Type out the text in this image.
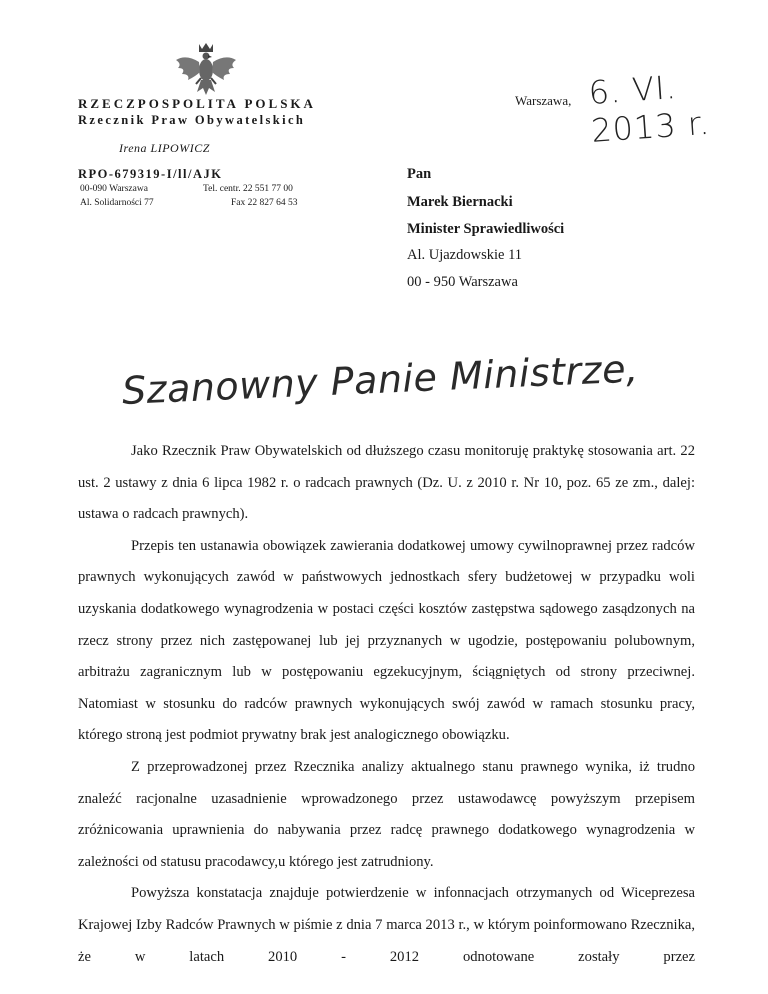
RZECZPOSPOLITA POLSKA
Rzecznik Praw Obywatelskich
Irena LIPOWICZ
RPO-679319-I/ll/AJK
00-090 Warszawa
Al. Solidarności 77
Tel. centr. 22 551 77 00
Fax 22 827 64 53
Warszawa, 6. VI. 2013 r.
Pan
Marek Biernacki
Minister Sprawiedliwości
Al. Ujazdowskie 11
00 - 950 Warszawa
Szanowny Panie Ministrze,

Jako Rzecznik Praw Obywatelskich od dłuższego czasu monitoruję praktykę stosowania art. 22 ust. 2 ustawy z dnia 6 lipca 1982 r. o radcach prawnych (Dz. U. z 2010 r. Nr 10, poz. 65 ze zm., dalej: ustawa o radcach prawnych).

Przepis ten ustanawia obowiązek zawierania dodatkowej umowy cywilnoprawnej przez radców prawnych wykonujących zawód w państwowych jednostkach sfery budżetowej w przypadku woli uzyskania dodatkowego wynagrodzenia w postaci części kosztów zastępstwa sądowego zasądzonych na rzecz strony przez nich zastępowanej lub jej przyznanych w ugodzie, postępowaniu polubownym, arbitrażu zagranicznym lub w postępowaniu egzekucyjnym, ściągniętych od strony przeciwnej. Natomiast w stosunku do radców prawnych wykonujących swój zawód w ramach stosunku pracy, którego stroną jest podmiot prywatny brak jest analogicznego obowiązku.

Z przeprowadzonej przez Rzecznika analizy aktualnego stanu prawnego wynika, iż trudno znaleźć racjonalne uzasadnienie wprowadzonego przez ustawodawcę powyższym przepisem zróżnicowania uprawnienia do nabywania przez radcę prawnego dodatkowego wynagrodzenia w zależności od statusu pracodawcy,u którego jest zatrudniony.

Powyższa konstatacja znajduje potwierdzenie w infonnacjach otrzymanych od Wiceprezesa Krajowej Izby Radców Prawnych w piśmie z dnia 7 marca 2013 r., w którym poinformowano Rzecznika, że w latach 2010 - 2012 odnotowane zostały przez
